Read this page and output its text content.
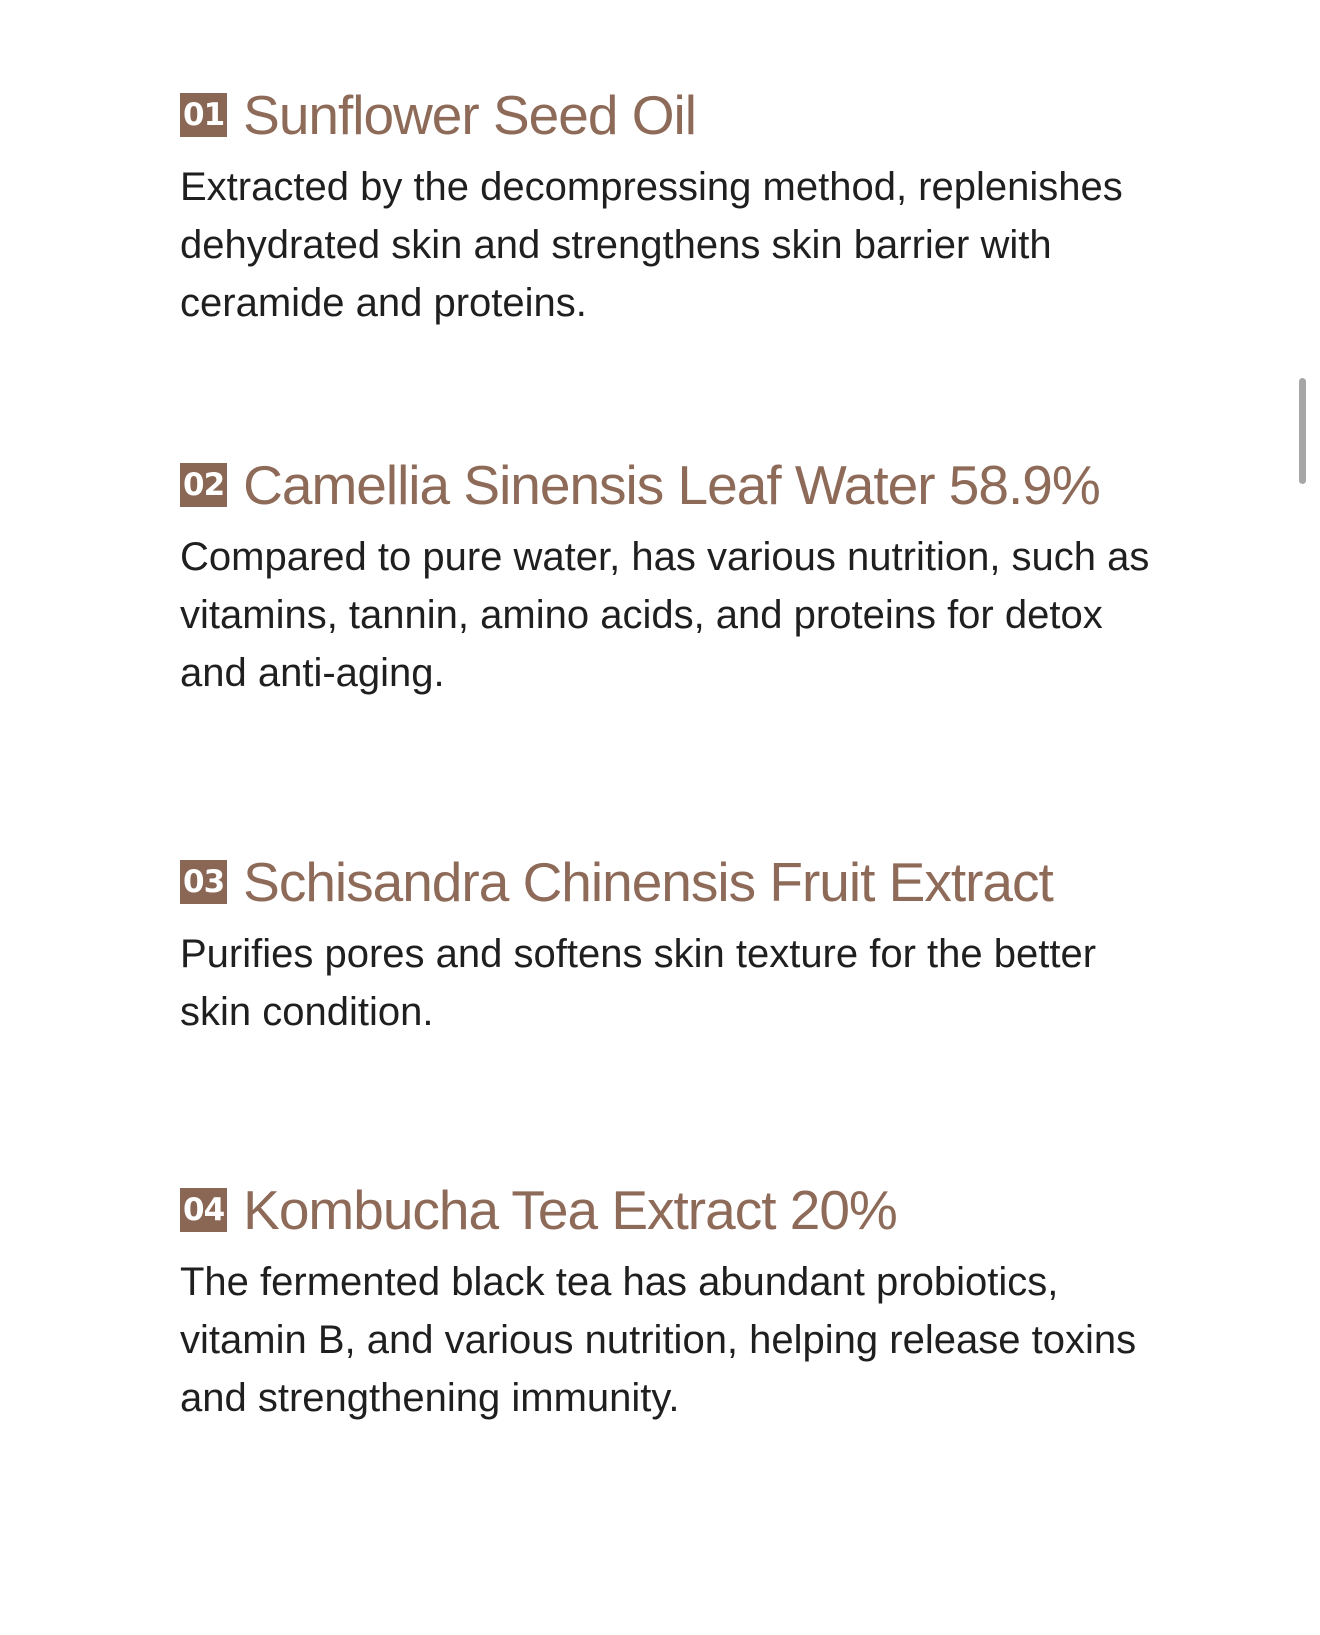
01 Sunflower Seed Oil
Extracted by the decompressing method, replenishes dehydrated skin and strengthens skin barrier with ceramide and proteins.
02 Camellia Sinensis Leaf Water 58.9%
Compared to pure water, has various nutrition, such as vitamins, tannin, amino acids, and proteins for detox and anti-aging.
03 Schisandra Chinensis Fruit Extract
Purifies pores and softens skin texture for the better skin condition.
04 Kombucha Tea Extract 20%
The fermented black tea has abundant probiotics, vitamin B, and various nutrition, helping release toxins and strengthening immunity.
